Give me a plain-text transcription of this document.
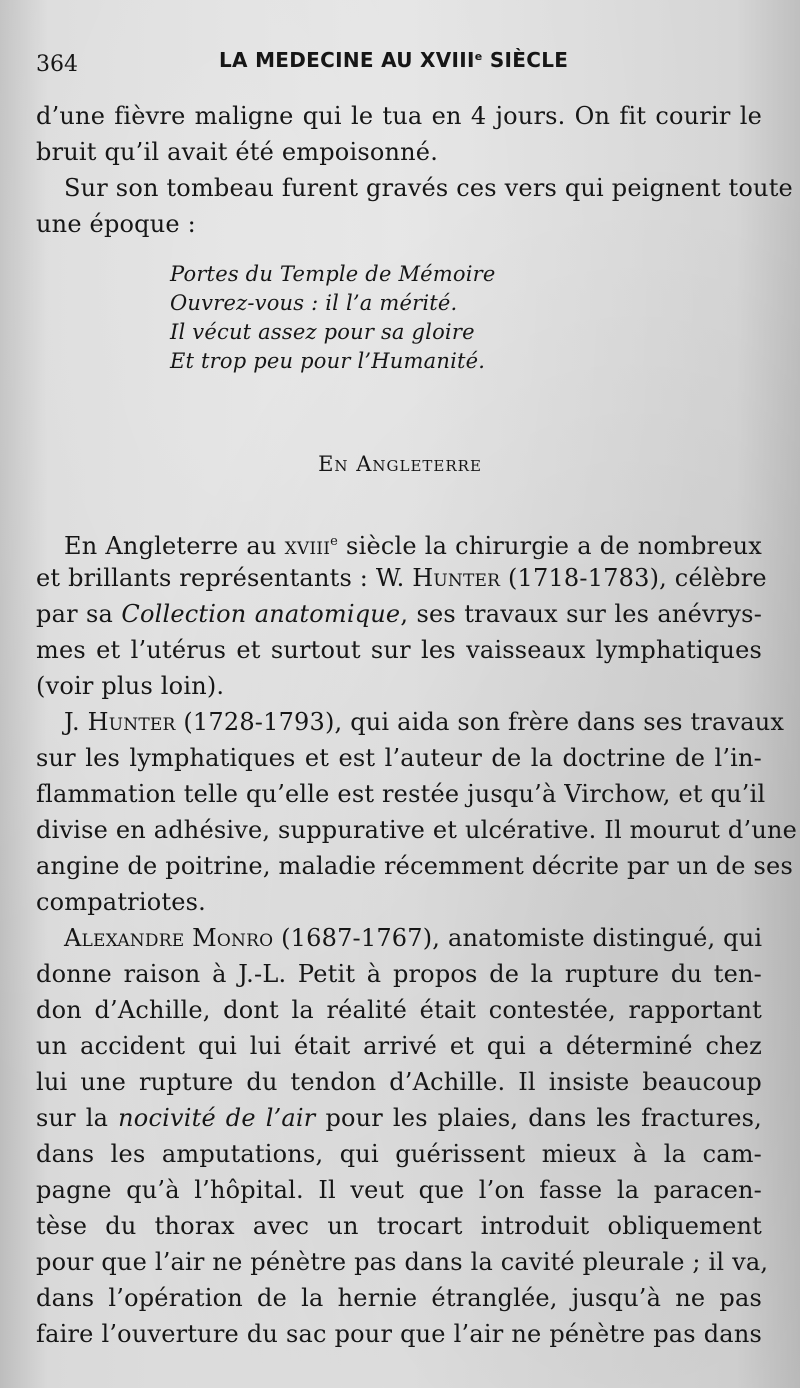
364	LA MEDECINE AU XVIIIe SIÈCLE
d’une fièvre maligne qui le tua en 4 jours. On fit courir le
bruit qu’il avait été empoisonné.
Sur son tombeau furent gravés ces vers qui peignent toute
une époque :
Portes du Temple de Mémoire
Ouvrez-vous : il l’a mérité.
Il vécut assez pour sa gloire
Et trop peu pour l’Humanité.
En Angleterre
En Angleterre au xviii$^e$ siècle la chirurgie a de nombreux
et brillants représentants : W. Hunter (1718-1783), célèbre
par sa Collection anatomique, ses travaux sur les anévrys-
mes et l’utérus et surtout sur les vaisseaux lymphatiques
(voir plus loin).
J. Hunter (1728-1793), qui aida son frère dans ses travaux
sur les lymphatiques et est l’auteur de la doctrine de l’in-
flammation telle qu’elle est restée jusqu’à Virchow, et qu’il
divise en adhésive, suppurative et ulcérative. Il mourut d’une
angine de poitrine, maladie récemment décrite par un de ses
compatriotes.
Alexandre Monro (1687-1767), anatomiste distingué, qui
donne raison à J.-L. Petit à propos de la rupture du ten-
don d’Achille, dont la réalité était contestée, rapportant
un accident qui lui était arrivé et qui a déterminé chez
lui une rupture du tendon d’Achille. Il insiste beaucoup
sur la nocivité de l’air pour les plaies, dans les fractures,
dans les amputations, qui guérissent mieux à la cam-
pagne qu’à l’hôpital. Il veut que l’on fasse la paracen-
tèse du thorax avec un trocart introduit obliquement
pour que l’air ne pénètre pas dans la cavité pleurale ; il va,
dans l’opération de la hernie étranglée, jusqu’à ne pas
faire l’ouverture du sac pour que l’air ne pénètre pas dans
